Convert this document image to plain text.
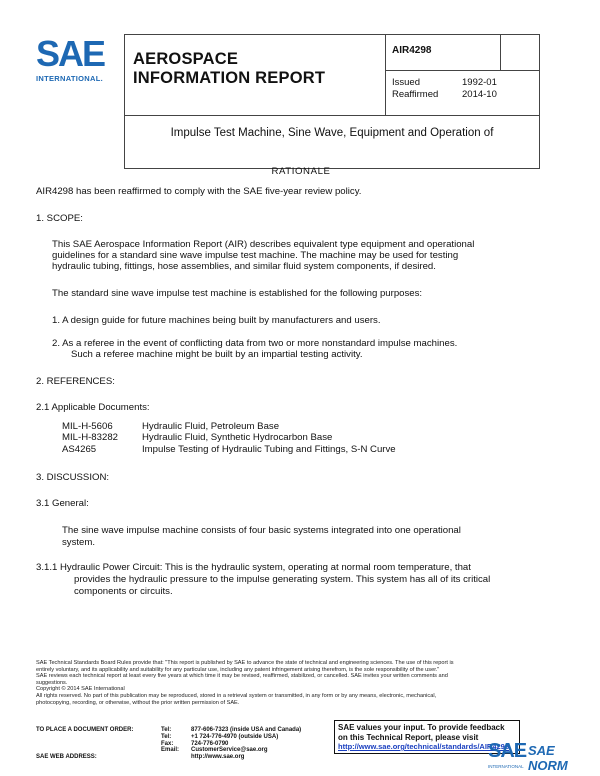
SAE
INTERNATIONAL.
AEROSPACE
INFORMATION REPORT
AIR4298
Issued	1992-01
Reaffirmed	2014-10
Impulse Test Machine, Sine Wave, Equipment and Operation of
RATIONALE
AIR4298 has been reaffirmed to comply with the SAE five-year review policy.
1. SCOPE:
This SAE Aerospace Information Report (AIR) describes equivalent type equipment and operational
guidelines for a standard sine wave impulse test machine. The machine may be used for testing
hydraulic tubing, fittings, hose assemblies, and similar fluid system components, if desired.
The standard sine wave impulse test machine is established for the following purposes:
1. A design guide for future machines being built by manufacturers and users.
2. As a referee in the event of conflicting data from two or more nonstandard impulse machines.
Such a referee machine might be built by an impartial testing activity.
2. REFERENCES:
2.1 Applicable Documents:
MIL-H-5606	Hydraulic Fluid, Petroleum Base
MIL-H-83282	Hydraulic Fluid, Synthetic Hydrocarbon Base
AS4265	Impulse Testing of Hydraulic Tubing and Fittings, S-N Curve
3. DISCUSSION:
3.1 General:
The sine wave impulse machine consists of four basic systems integrated into one operational
system.
3.1.1 Hydraulic Power Circuit: This is the hydraulic system, operating at normal room temperature, that
provides the hydraulic pressure to the impulse generating system. This system has all of its critical
components or circuits.
SAE Technical Standards Board Rules provide that: "This report is published by SAE to advance the state of technical and engineering sciences. The use of this report is
entirely voluntary, and its applicability and suitability for any particular use, including any patent infringement arising therefrom, is the sole responsibility of the user."
SAE reviews each technical report at least every five years at which time it may be revised, reaffirmed, stabilized, or cancelled. SAE invites your written comments and
suggestions.
Copyright © 2014 SAE International
All rights reserved. No part of this publication may be reproduced, stored in a retrieval system or transmitted, in any form or by any means, electronic, mechanical,
photocopying, recording, or otherwise, without the prior written permission of SAE.
TO PLACE A DOCUMENT ORDER:	Tel:	877-606-7323 (inside USA and Canada)
Tel:	+1 724-776-4970 (outside USA)
Fax:	724-776-0790
Email:	CustomerService@sae.org
SAE WEB ADDRESS:	http://www.sae.org
SAE values your input. To provide feedback
on this Technical Report, please visit
http://www.sae.org/technical/standards/AIR4298
SAE SAE NORM
INTERNATIONAL
